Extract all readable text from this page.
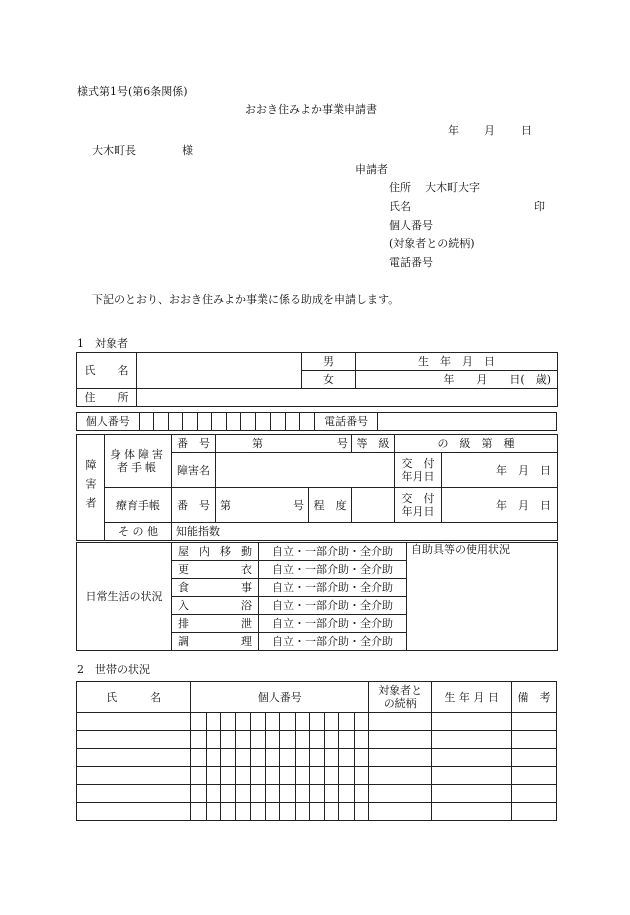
様式第1号(第6条関係)
おおき住みよか事業申請書
年 月 日
大木町長	様
申請者
住所 大木町大字
氏名	印
個人番号
(対象者との続柄)
電話番号
下記のとおり、おおき住みよか事業に係る助成を申請します。
1　対象者
氏　　名		男	生　年　月　日
		女	年　　月　　日(　歳)
住　　所			
個人番号													電話番号	
障害者	身体障害者手帳	番　号	第	号	等　級	の　級　第　種	
		障害名				交　付年月日	年　月　日
	療育手帳	番　号	第 号	程　度		交　付年月日	年　月　日
	そ の 他	知能指数					
日常生活の状況	屋 内 移 動	自立・一部介助・全介助	自助具等の使用状況

	更 衣	自立・一部介助・全介助	

	食 事	自立・一部介助・全介助	

	入 浴	自立・一部介助・全介助	

	排 泄	自立・一部介助・全介助	

	調 理	自立・一部介助・全介助	
2　世帯の状況
氏　　　名	個人番号												対象者との続柄	生 年 月 日	備　考
